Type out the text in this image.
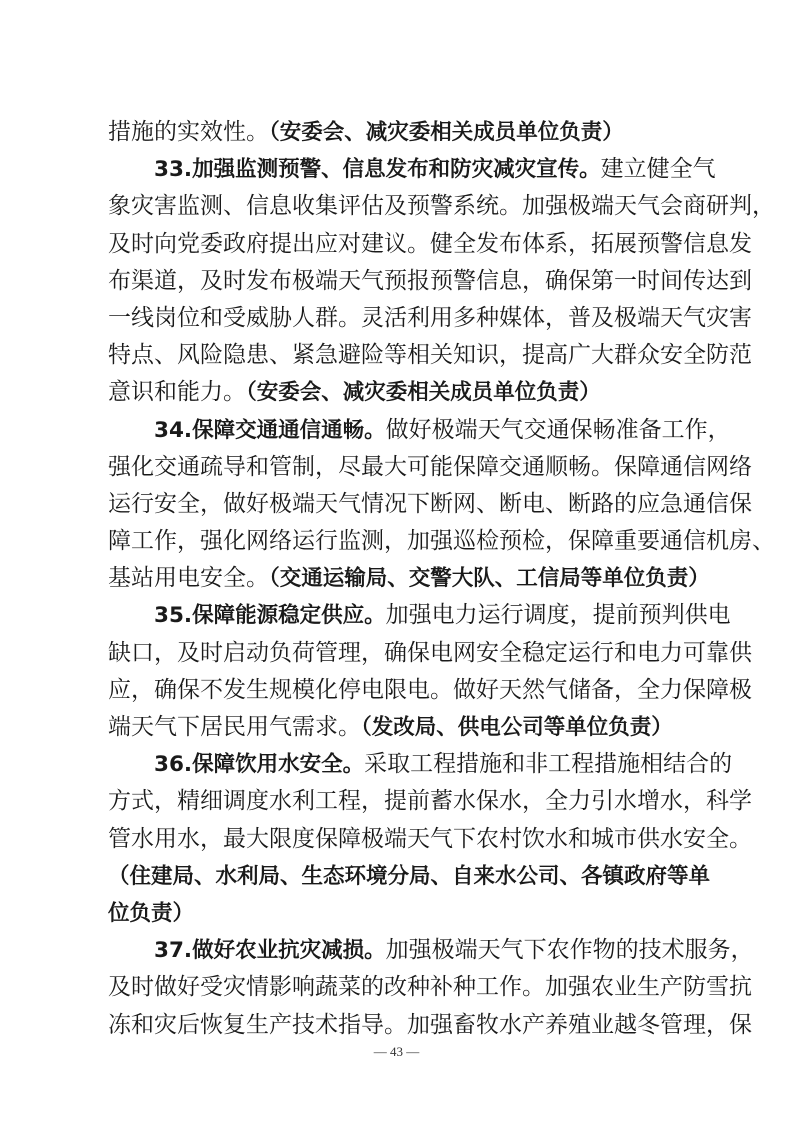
措施的实效性。（安委会、减灾委相关成员单位负责）
33.加强监测预警、信息发布和防灾减灾宣传。建立健全气
象灾害监测、信息收集评估及预警系统。加强极端天气会商研判，
及时向党委政府提出应对建议。健全发布体系，拓展预警信息发
布渠道，及时发布极端天气预报预警信息，确保第一时间传达到
一线岗位和受威胁人群。灵活利用多种媒体，普及极端天气灾害
特点、风险隐患、紧急避险等相关知识，提高广大群众安全防范
意识和能力。（安委会、减灾委相关成员单位负责）
34.保障交通通信通畅。做好极端天气交通保畅准备工作，
强化交通疏导和管制，尽最大可能保障交通顺畅。保障通信网络
运行安全，做好极端天气情况下断网、断电、断路的应急通信保
障工作，强化网络运行监测，加强巡检预检，保障重要通信机房、
基站用电安全。（交通运输局、交警大队、工信局等单位负责）
35.保障能源稳定供应。加强电力运行调度，提前预判供电
缺口，及时启动负荷管理，确保电网安全稳定运行和电力可靠供
应，确保不发生规模化停电限电。做好天然气储备，全力保障极
端天气下居民用气需求。（发改局、供电公司等单位负责）
36.保障饮用水安全。采取工程措施和非工程措施相结合的
方式，精细调度水利工程，提前蓄水保水，全力引水增水，科学
管水用水，最大限度保障极端天气下农村饮水和城市供水安全。
（住建局、水利局、生态环境分局、自来水公司、各镇政府等单
位负责）
37.做好农业抗灾减损。加强极端天气下农作物的技术服务，
及时做好受灾情影响蔬菜的改种补种工作。加强农业生产防雪抗
冻和灾后恢复生产技术指导。加强畜牧水产养殖业越冬管理，保
— 43 —
